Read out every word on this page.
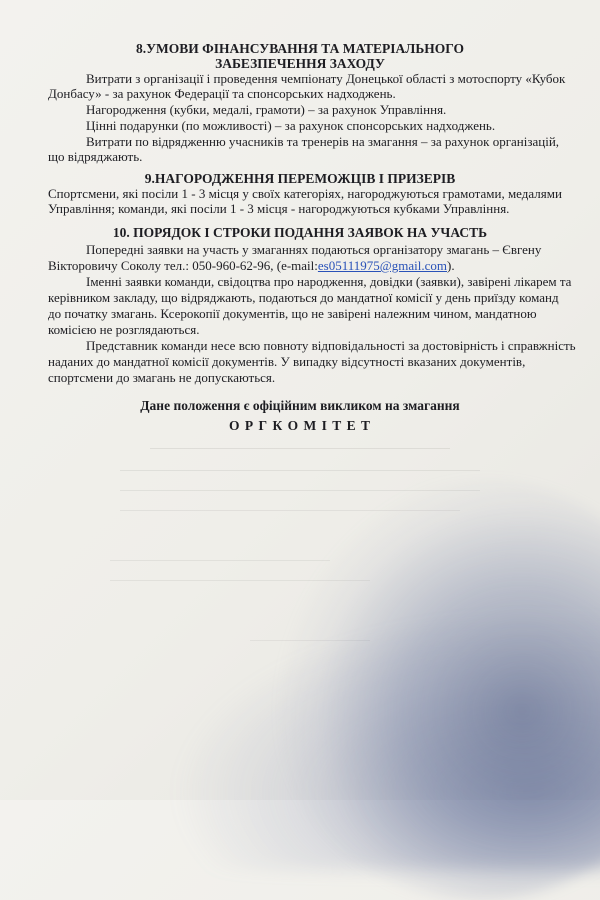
8.УМОВИ ФІНАНСУВАННЯ ТА МАТЕРІАЛЬНОГО
ЗАБЕЗПЕЧЕННЯ ЗАХОДУ
Витрати з організації і проведення чемпіонату Донецької області з мотоспорту «Кубок
Донбасу» - за рахунок Федерації та спонсорських надходжень.
Нагородження (кубки, медалі, грамоти) – за рахунок Управління.
Цінні подарунки (по можливості) – за рахунок спонсорських надходжень.
Витрати по відрядженню учасників та тренерів на змагання – за рахунок організацій,
що відряджають.
9.НАГОРОДЖЕННЯ ПЕРЕМОЖЦІВ І ПРИЗЕРІВ
Спортсмени, які посіли 1 - 3 місця у своїх категоріях, нагороджуються грамотами, медалями
Управління; команди, які посіли 1 - 3 місця - нагороджуються кубками Управління.
10. ПОРЯДОК І СТРОКИ ПОДАННЯ ЗАЯВОК НА УЧАСТЬ
Попередні заявки на участь у змаганнях подаються організатору змагань – Євгену
Вікторовичу Соколу тел.: 050-960-62-96, (e-mail:es05111975@gmail.com).
Іменні заявки команди, свідоцтва про народження, довідки (заявки), завірені лікарем та
керівником закладу, що відряджають, подаються до мандатної комісії у день приїзду команд
до початку змагань. Ксерокопії документів, що не завірені належним чином, мандатною
комісією не розглядаються.
Представник команди несе всю повноту відповідальності за достовірність і справжність
наданих до мандатної комісії документів. У випадку відсутності вказаних документів,
спортсмени до змагань не допускаються.
Дане положення є офіційним викликом на змагання
О Р Г К О М І Т Е Т
